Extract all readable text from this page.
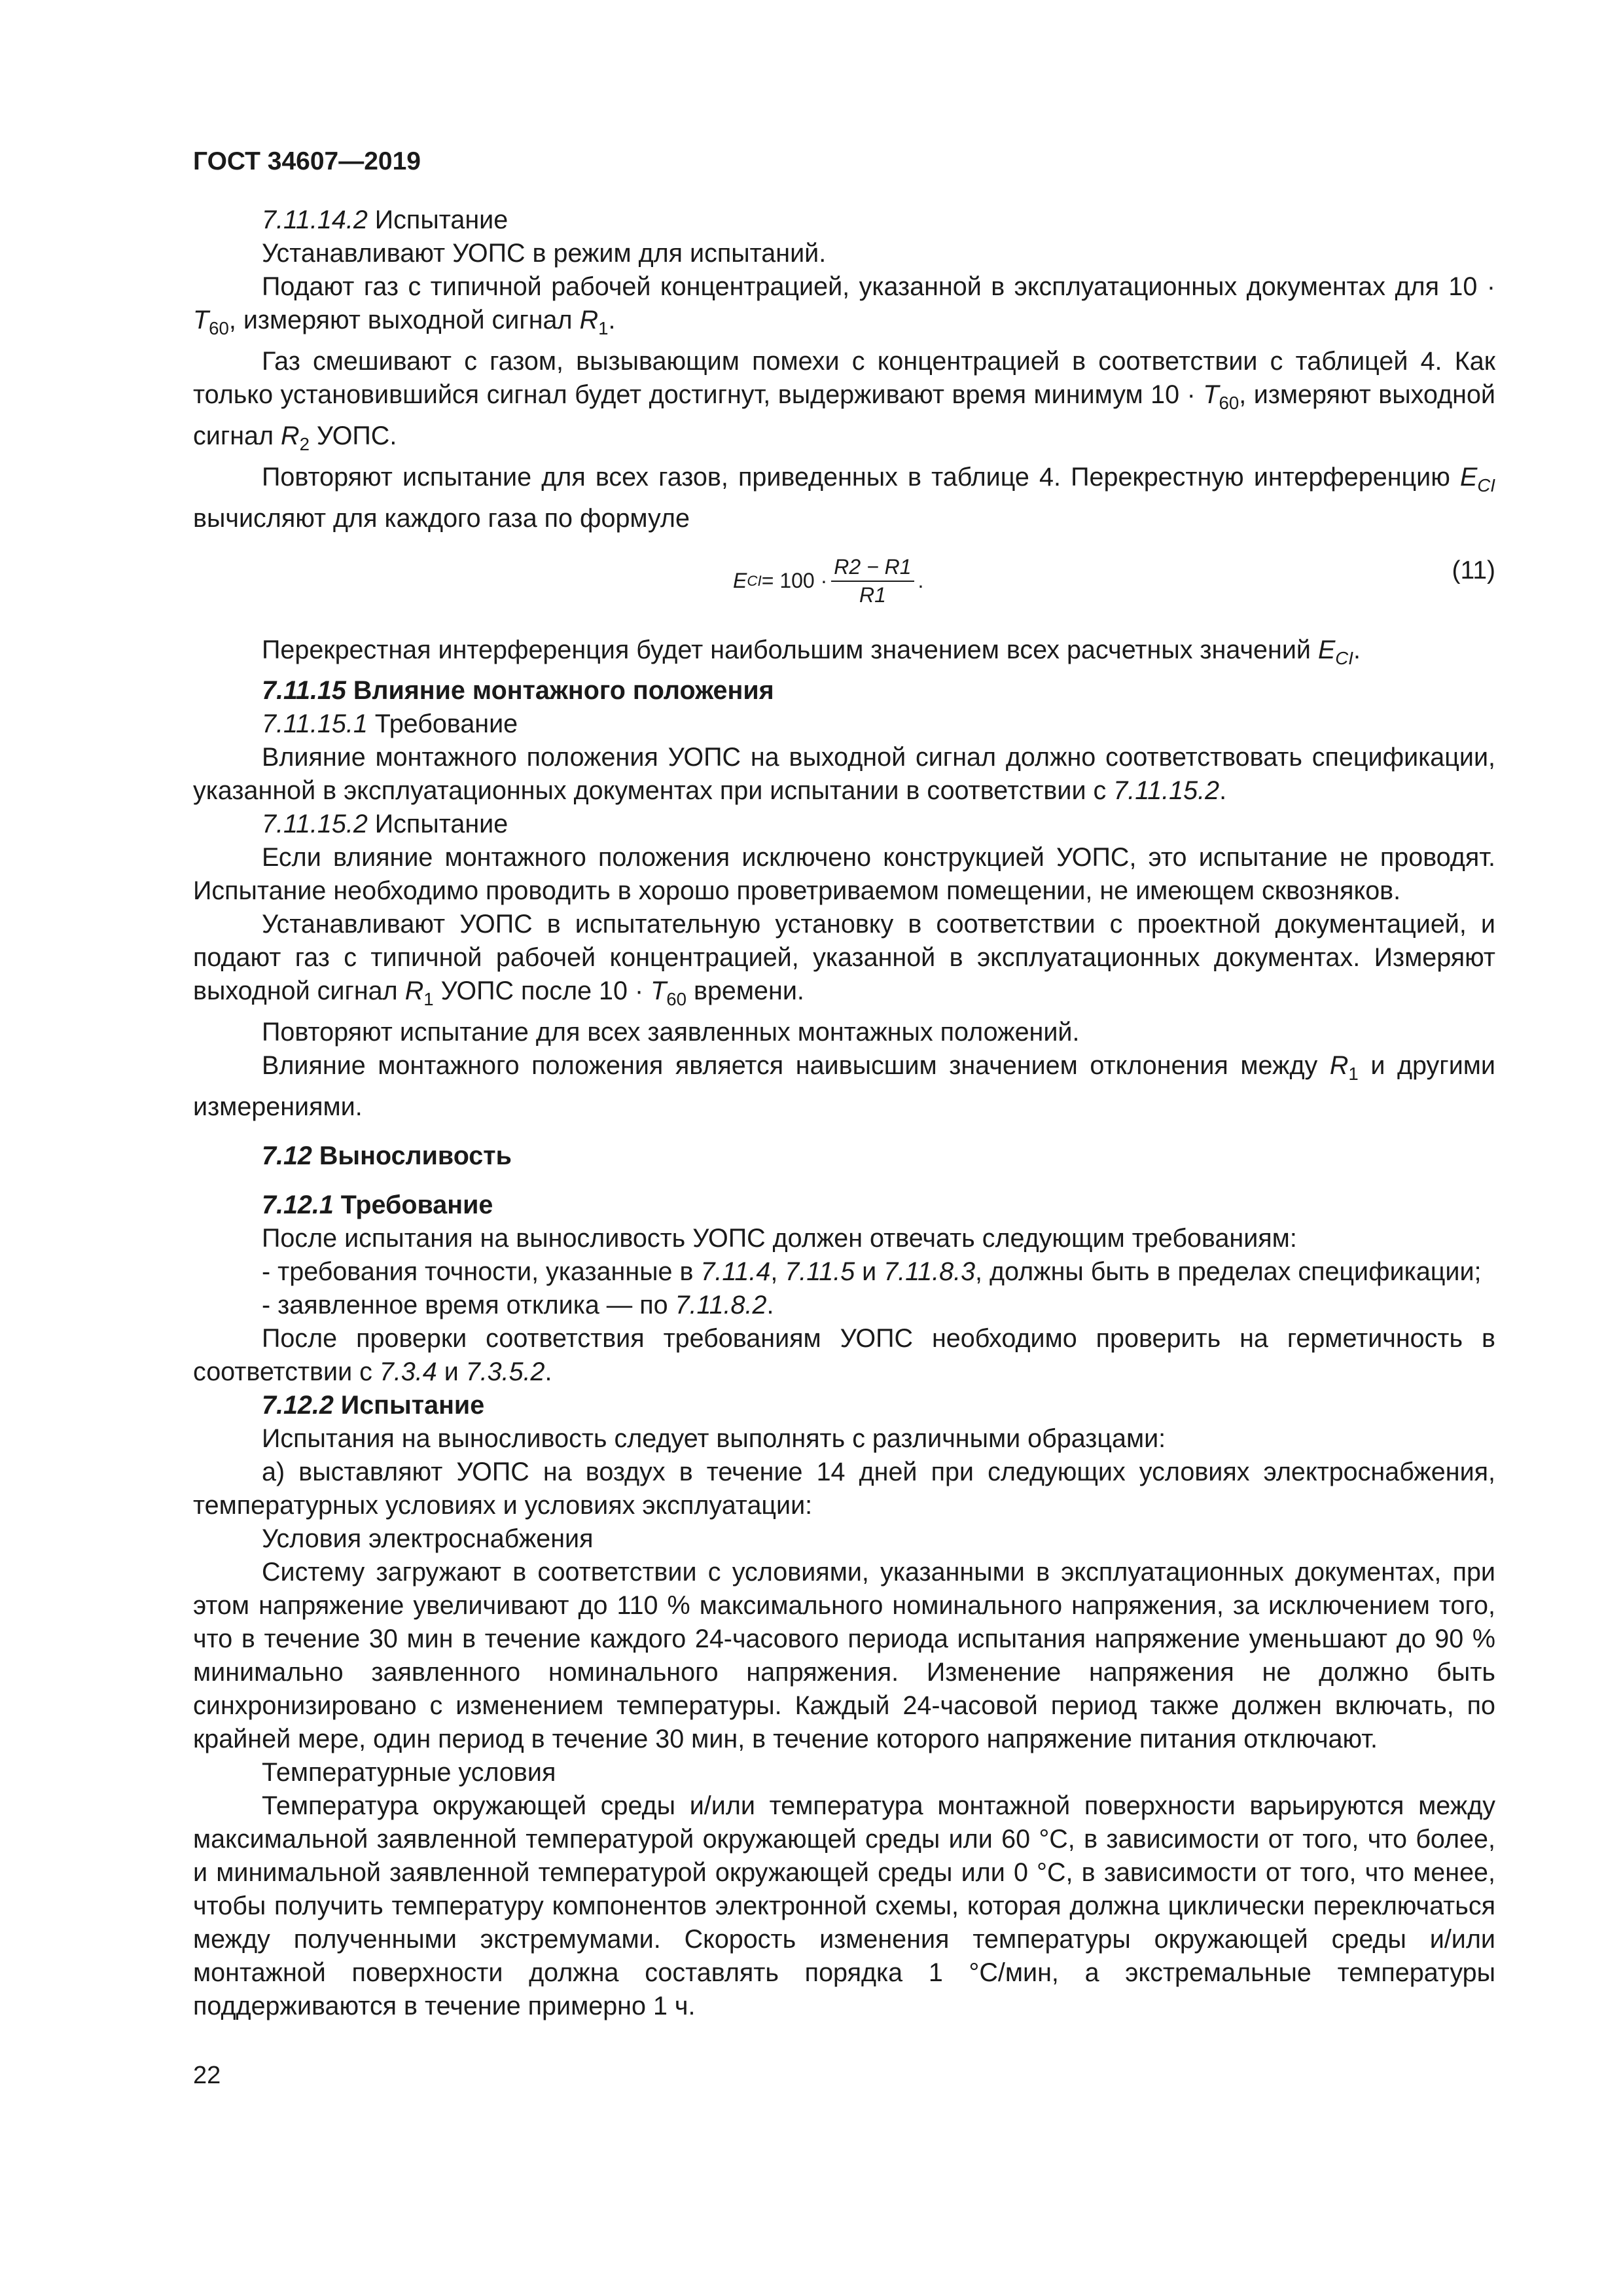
ГОСТ 34607—2019

7.11.14.2 Испытание

Устанавливают УОПС в режим для испытаний.

Подают газ с типичной рабочей концентрацией, указанной в эксплуатационных документах для $10 \cdot T_{60}$, измеряют выходной сигнал $R_1$.

Газ смешивают с газом, вызывающим помехи с концентрацией в соответствии с таблицей 4. Как только установившийся сигнал будет достигнут, выдерживают время минимум $10 \cdot T_{60}$, измеряют выходной сигнал $R_2$ УОПС.

Повторяют испытание для всех газов, приведенных в таблице 4. Перекрестную интерференцию $E_{CI}$ вычисляют для каждого газа по формуле

E CI = $100 \cdot \frac{R2 - R1}{R1}$ .	(11)

Перекрестная интерференция будет наибольшим значением всех расчетных значений $E_{CI}$.

7.11.15 Влияние монтажного положения

7.11.15.1 Требование

Влияние монтажного положения УОПС на выходной сигнал должно соответствовать спецификации, указанной в эксплуатационных документах при испытании в соответствии с 7.11.15.2.

7.11.15.2 Испытание

Если влияние монтажного положения исключено конструкцией УОПС, это испытание не проводят. Испытание необходимо проводить в хорошо проветриваемом помещении, не имеющем сквозняков.

Устанавливают УОПС в испытательную установку в соответствии с проектной документацией, и подают газ с типичной рабочей концентрацией, указанной в эксплуатационных документах. Измеряют выходной сигнал $R_1$ УОПС после $10 \cdot T_{60}$ времени.

Повторяют испытание для всех заявленных монтажных положений.

Влияние монтажного положения является наивысшим значением отклонения между $R_1$ и другими измерениями.

7.12 Выносливость

7.12.1 Требование

После испытания на выносливость УОПС должен отвечать следующим требованиям:

- требования точности, указанные в 7.11.4, 7.11.5 и 7.11.8.3, должны быть в пределах спецификации;

- заявленное время отклика — по 7.11.8.2.

После проверки соответствия требованиям УОПС необходимо проверить на герметичность в соответствии с 7.3.4 и 7.3.5.2.

7.12.2 Испытание

Испытания на выносливость следует выполнять с различными образцами:

а) выставляют УОПС на воздух в течение 14 дней при следующих условиях электроснабжения, температурных условиях и условиях эксплуатации:

Условия электроснабжения

Систему загружают в соответствии с условиями, указанными в эксплуатационных документах, при этом напряжение увеличивают до 110 % максимального номинального напряжения, за исключением того, что в течение 30 мин в течение каждого 24-часового периода испытания напряжение уменьшают до 90 % минимально заявленного номинального напряжения. Изменение напряжения не должно быть синхронизировано с изменением температуры. Каждый 24-часовой период также должен включать, по крайней мере, один период в течение 30 мин, в течение которого напряжение питания отключают.

Температурные условия

Температура окружающей среды и/или температура монтажной поверхности варьируются между максимальной заявленной температурой окружающей среды или 60 °С, в зависимости от того, что более, и минимальной заявленной температурой окружающей среды или 0 °С, в зависимости от того, что менее, чтобы получить температуру компонентов электронной схемы, которая должна циклически переключаться между полученными экстремумами. Скорость изменения температуры окружающей среды и/или монтажной поверхности должна составлять порядка 1 °С/мин, а экстремальные температуры поддерживаются в течение примерно 1 ч.

22
